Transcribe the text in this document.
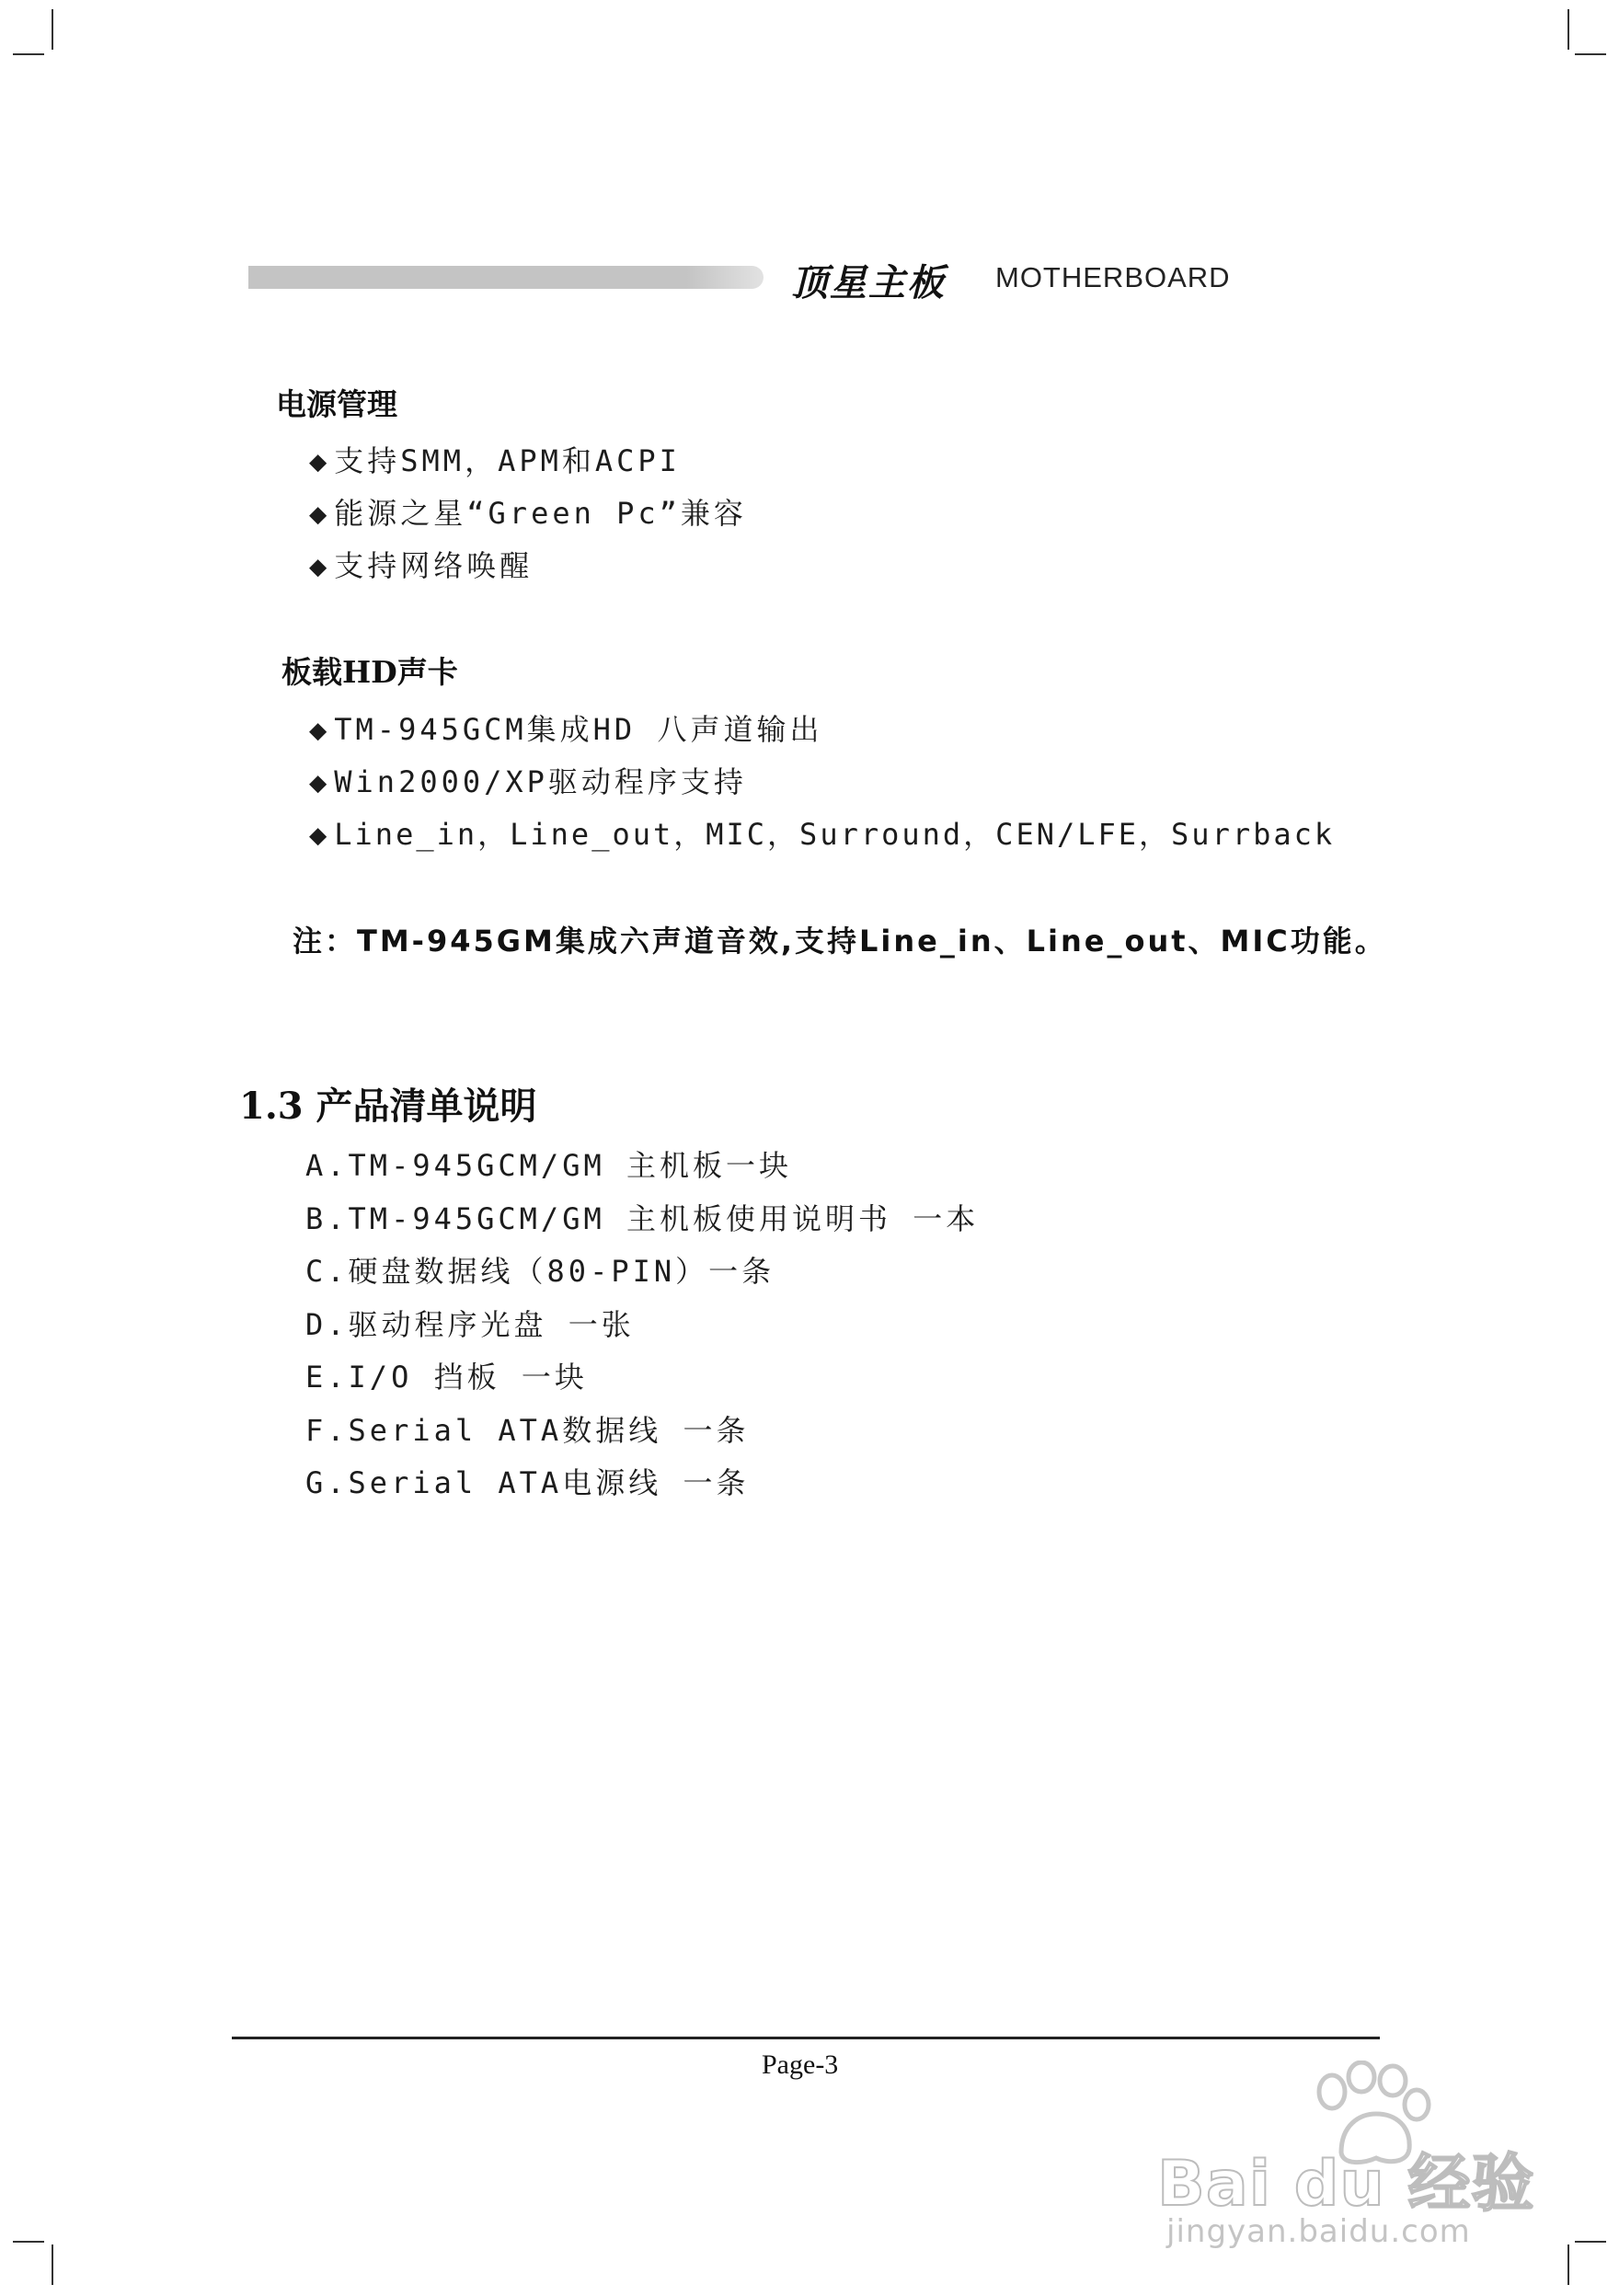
顶星主板 MOTHERBOARD
电源管理
◆ 支持SMM，APM和ACPI
◆ 能源之星“Green Pc”兼容
◆ 支持网络唤醒
板载HD声卡
◆ TM-945GCM集成HD 八声道输出
◆ Win2000/XP驱动程序支持
◆ Line_in，Line_out，MIC，Surround，CEN/LFE，Surrback
注：TM-945GM集成六声道音效,支持Line_in、Line_out、MIC功能。
1.3 产品清单说明
A.TM-945GCM/GM 主机板一块
B.TM-945GCM/GM 主机板使用说明书 一本
C.硬盘数据线（80-PIN）一条
D.驱动程序光盘 一张
E.I/O 挡板 一块
F.Serial ATA数据线 一条
G.Serial ATA电源线 一条
Page-3
Bai du 经验
jingyan.baidu.com
